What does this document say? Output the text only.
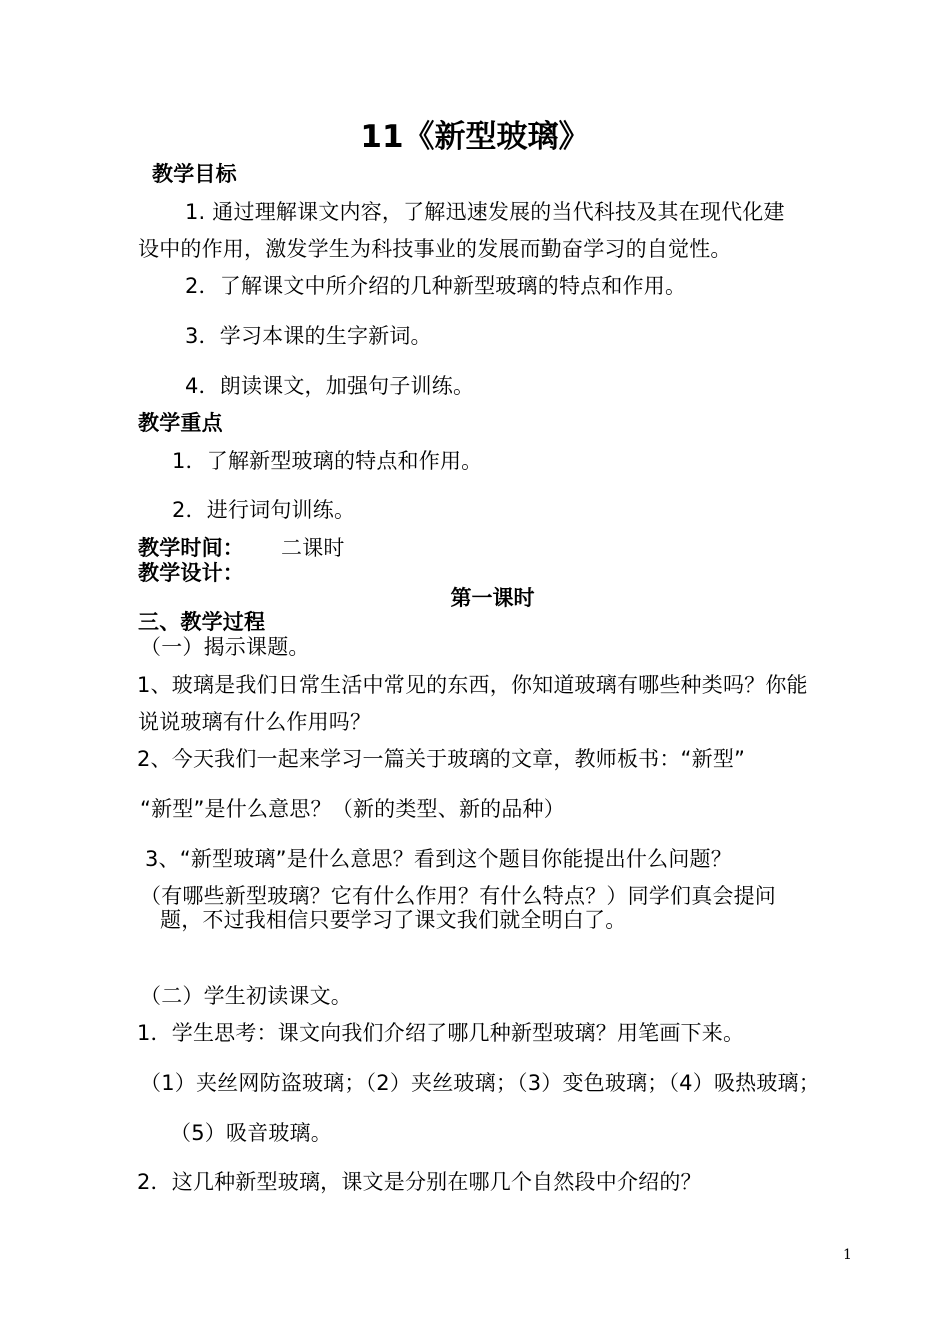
11《新型玻璃》

教学目标

1. 通过理解课文内容，了解迅速发展的当代科技及其在现代化建

设中的作用，激发学生为科技事业的发展而勤奋学习的自觉性。

2．了解课文中所介绍的几种新型玻璃的特点和作用。

3．学习本课的生字新词。

4．朗读课文，加强句子训练。

教学重点

1．了解新型玻璃的特点和作用。

2．进行词句训练。

教学时间： 二课时

教学设计：

第一课时

三、教学过程

（一）揭示课题。

1、玻璃是我们日常生活中常见的东西，你知道玻璃有哪些种类吗？你能

说说玻璃有什么作用吗？

2、今天我们一起来学习一篇关于玻璃的文章，教师板书：“新型”

“新型”是什么意思？（新的类型、新的品种）

3、“新型玻璃”是什么意思？看到这个题目你能提出什么问题？

（有哪些新型玻璃？它有什么作用？有什么特点？）同学们真会提问

题，不过我相信只要学习了课文我们就全明白了。

（二）学生初读课文。

1．学生思考：课文向我们介绍了哪几种新型玻璃？用笔画下来。

（1）夹丝网防盗玻璃；（2）夹丝玻璃；（3）变色玻璃；（4）吸热玻璃；

（5）吸音玻璃。

2．这几种新型玻璃，课文是分别在哪几个自然段中介绍的？

1
